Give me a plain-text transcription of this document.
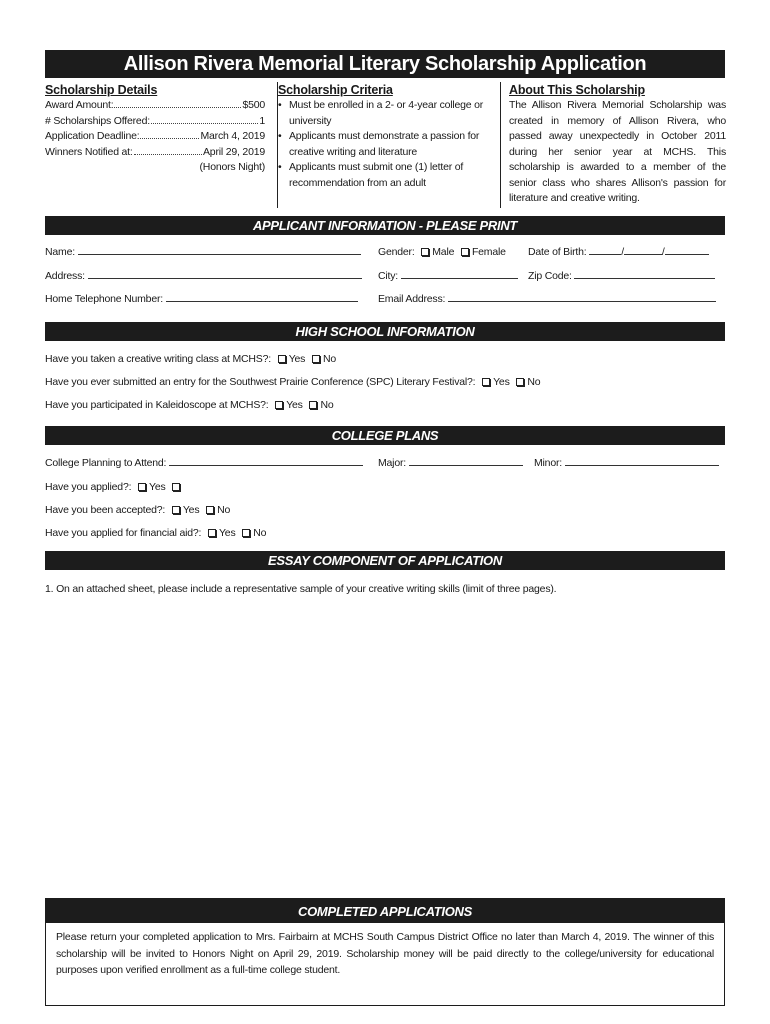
Allison Rivera Memorial Literary Scholarship Application
Scholarship Details
Award Amount:	$500
# Scholarships Offered:	1
Application Deadline:	March 4, 2019
Winners Notified at:	April 29, 2019
(Honors Night)
Scholarship Criteria
• Must be enrolled in a 2- or 4-year college or university
• Applicants must demonstrate a passion for creative writing and literature
• Applicants must submit one (1) letter of recommendation from an adult
About This Scholarship

The Allison Rivera Memorial Scholarship was created in memory of Allison Rivera, who passed away unexpectedly in October 2011 during her senior year at MCHS. This scholarship is awarded to a member of the senior class who shares Allison's passion for literature and creative writing.

APPLICANT INFORMATION - PLEASE PRINT
Name:	Gender: Male Female Date of Birth:	/	/
Address:	City:	Zip Code:
Home Telephone Number:	Email Address:
HIGH SCHOOL INFORMATION
Have you taken a creative writing class at MCHS?: Yes No
Have you ever submitted an entry for the Southwest Prairie Conference (SPC) Literary Festival?: Yes No
Have you participated in Kaleidoscope at MCHS?: Yes No
COLLEGE PLANS
College Planning to Attend:	Major:	Minor:
Have you applied?: Yes
Have you been accepted?: Yes No
Have you applied for financial aid?: Yes No
ESSAY COMPONENT OF APPLICATION
1. On an attached sheet, please include a representative sample of your creative writing skills (limit of three pages).
COMPLETED APPLICATIONS

Please return your completed application to Mrs. Fairbairn at MCHS South Campus District Office no later than March 4, 2019. The winner of this scholarship will be invited to Honors Night on April 29, 2019. Scholarship money will be paid directly to the college/university for educational purposes upon verified enrollment as a full-time college student.
